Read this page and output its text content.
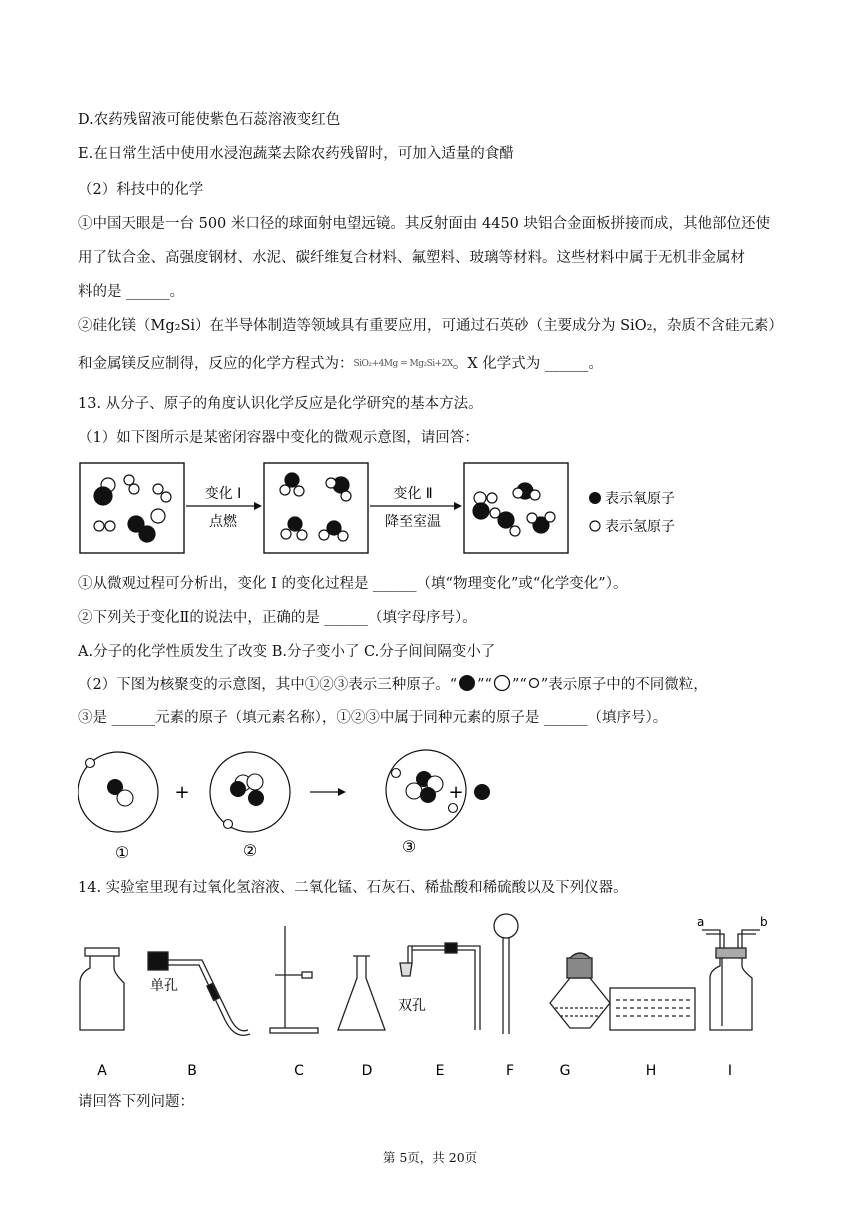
D.农药残留液可能使紫色石蕊溶液变红色
E.在日常生活中使用水浸泡蔬菜去除农药残留时，可加入适量的食醋
（2）科技中的化学
①中国天眼是一台 500 米口径的球面射电望远镜。其反射面由 4450 块铝合金面板拼接而成，其他部位还使
用了钛合金、高强度钢材、水泥、碳纤维复合材料、氟塑料、玻璃等材料。这些材料中属于无机非金属材
料的是 ______。
②硅化镁（Mg₂Si）在半导体制造等领域具有重要应用，可通过石英砂（主要成分为 SiO₂，杂质不含硅元素）
和金属镁反应制得，反应的化学方程式为：SiO₂+4Mg = Mg₂Si+2X。X 化学式为 ______。
13. 从分子、原子的角度认识化学反应是化学研究的基本方法。
（1）如下图所示是某密闭容器中变化的微观示意图，请回答：
变化 I
点燃
变化 Ⅱ
降至室温
表示氧原子
表示氢原子
①从微观过程可分析出，变化 I 的变化过程是 ______（填“物理变化”或“化学变化”）。
②下列关于变化Ⅱ的说法中，正确的是 ______（填字母序号）。
A.分子的化学性质发生了改变 B.分子变小了 C.分子间间隔变小了
（2）下图为核聚变的示意图，其中①②③表示三种原子。“ ”“ ”“ ”表示原子中的不同微粒，
③是 ______元素的原子（填元素名称），①②③中属于同种元素的原子是 ______（填序号）。
①
+
②	③
+
14. 实验室里现有过氧化氢溶液、二氧化锰、石灰石、稀盐酸和稀硫酸以及下列仪器。
单孔
双孔
a	b
A	B	C	D	E	F	G	H	I
请回答下列问题：
第 5页，共 20页
